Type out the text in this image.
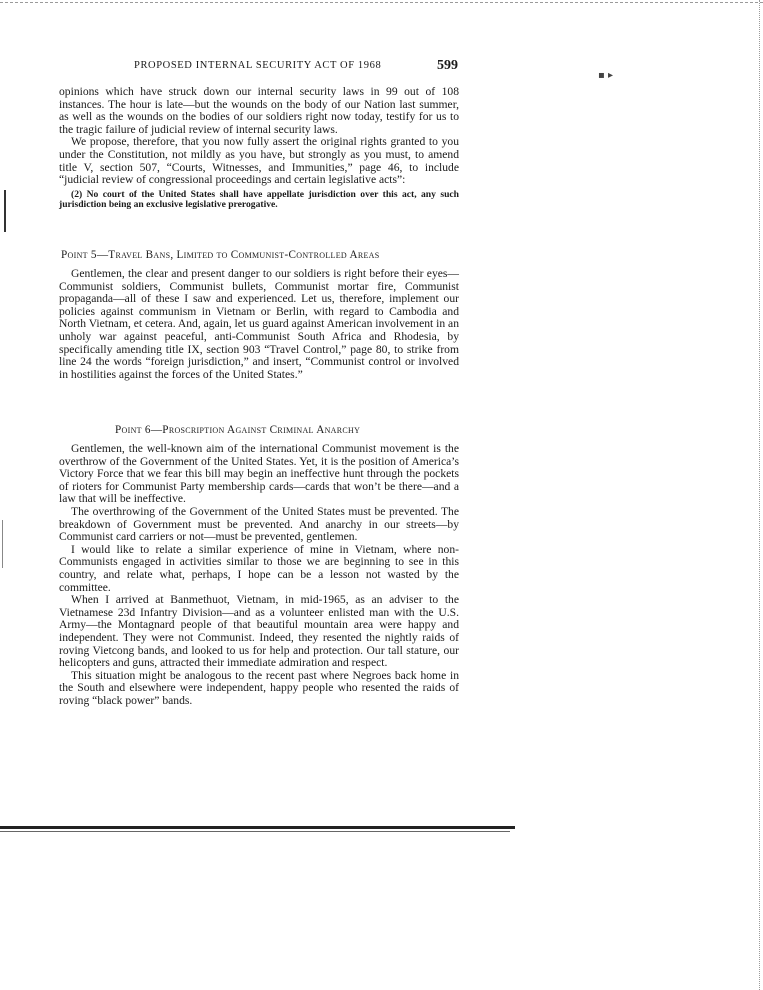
▪ ▸
PROPOSED INTERNAL SECURITY ACT OF 1968	599

opinions which have struck down our internal security laws in 99 out of 108 instances. The hour is late—but the wounds on the body of our Nation last summer, as well as the wounds on the bodies of our soldiers right now today, testify for us to the tragic failure of judicial review of internal security laws.

We propose, therefore, that you now fully assert the original rights granted to you under the Constitution, not mildly as you have, but strongly as you must, to amend title V, section 507, “Courts, Witnesses, and Immunities,” page 46, to include “judicial review of congressional proceedings and certain legislative acts”:

(2) No court of the United States shall have appellate jurisdiction over this act, any such jurisdiction being an exclusive legislative prerogative.

Point 5—Travel Bans, Limited to Communist-Controlled Areas

Gentlemen, the clear and present danger to our soldiers is right before their eyes—Communist soldiers, Communist bullets, Communist mortar fire, Communist propaganda—all of these I saw and experienced. Let us, therefore, implement our policies against communism in Vietnam or Berlin, with regard to Cambodia and North Vietnam, et cetera. And, again, let us guard against American involvement in an unholy war against peaceful, anti-Communist South Africa and Rhodesia, by specifically amending title IX, section 903 “Travel Control,” page 80, to strike from line 24 the words “foreign jurisdiction,” and insert, “Communist control or involved in hostilities against the forces of the United States.”

Point 6—Proscription Against Criminal Anarchy

Gentlemen, the well-known aim of the international Communist movement is the overthrow of the Government of the United States. Yet, it is the position of America’s Victory Force that we fear this bill may begin an ineffective hunt through the pockets of rioters for Communist Party membership cards—cards that won’t be there—and a law that will be ineffective.

The overthrowing of the Government of the United States must be prevented. The breakdown of Government must be prevented. And anarchy in our streets—by Communist card carriers or not—must be prevented, gentlemen.

I would like to relate a similar experience of mine in Vietnam, where non-Communists engaged in activities similar to those we are beginning to see in this country, and relate what, perhaps, I hope can be a lesson not wasted by the committee.

When I arrived at Banmethuot, Vietnam, in mid-1965, as an adviser to the Vietnamese 23d Infantry Division—and as a volunteer enlisted man with the U.S. Army—the Montagnard people of that beautiful mountain area were happy and independent. They were not Communist. Indeed, they resented the nightly raids of roving Vietcong bands, and looked to us for help and protection. Our tall stature, our helicopters and guns, attracted their immediate admiration and respect.

This situation might be analogous to the recent past where Negroes back home in the South and elsewhere were independent, happy people who resented the raids of roving “black power” bands.
